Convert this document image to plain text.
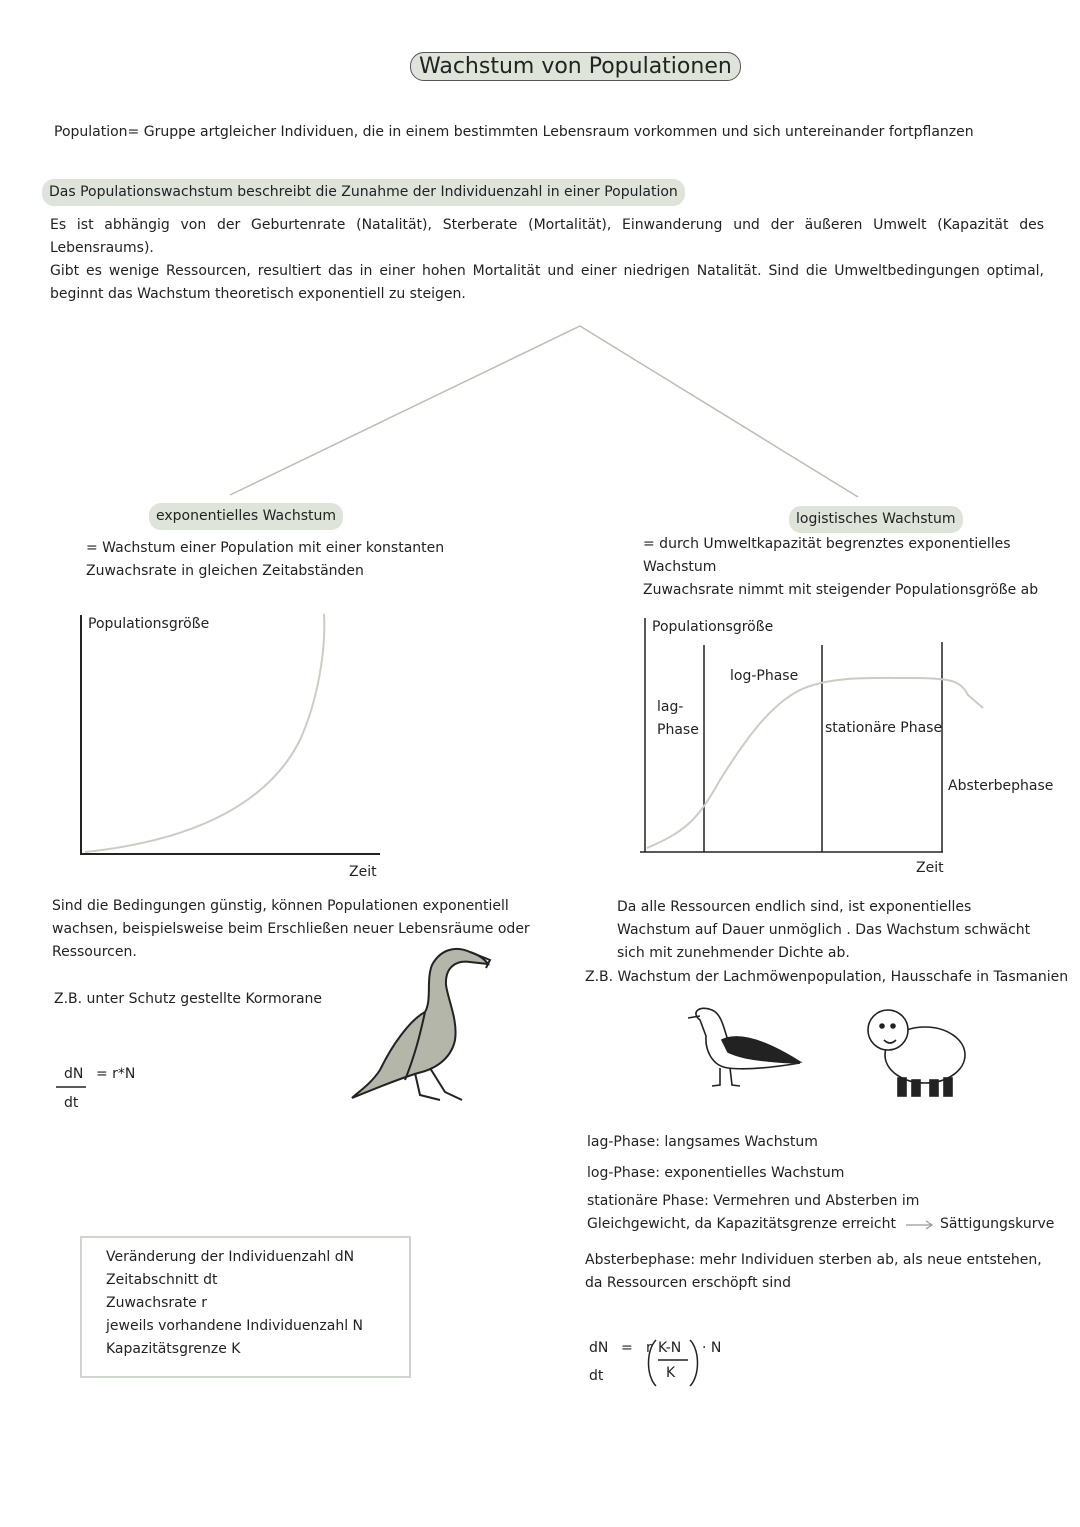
Wachstum von Populationen
Population= Gruppe artgleicher Individuen, die in einem bestimmten Lebensraum vorkommen und sich untereinander fortpflanzen
Das Populationswachstum beschreibt die Zunahme der Individuenzahl in einer Population
Es ist abhängig von der Geburtenrate (Natalität), Sterberate (Mortalität), Einwanderung und der äußeren Umwelt (Kapazität des
Lebensraums).
Gibt es wenige Ressourcen, resultiert das in einer hohen Mortalität und einer niedrigen Natalität. Sind die Umweltbedingungen optimal,
beginnt das Wachstum theoretisch exponentiell zu steigen.
exponentielles Wachstum
= Wachstum einer Population mit einer konstanten
Zuwachsrate in gleichen Zeitabständen
Populationsgröße
Zeit
Sind die Bedingungen günstig, können Populationen exponentiell
wachsen, beispielsweise beim Erschließen neuer Lebensräume oder
Ressourcen.
Z.B. unter Schutz gestellte Kormorane
dN
dt
= r*N
Veränderung der Individuenzahl dN
Zeitabschnitt dt
Zuwachsrate r
jeweils vorhandene Individuenzahl N
Kapazitätsgrenze K
logistisches Wachstum
= durch Umweltkapazität begrenztes exponentielles
Wachstum
Zuwachsrate nimmt mit steigender Populationsgröße ab
Populationsgröße
log-Phase
lag-
Phase	stationäre Phase
Absterbephase
Zeit
Da alle Ressourcen endlich sind, ist exponentielles
Wachstum auf Dauer unmöglich . Das Wachstum schwächt
sich mit zunehmender Dichte ab.
Z.B. Wachstum der Lachmöwenpopulation, Hausschafe in Tasmanien
lag-Phase: langsames Wachstum
log-Phase: exponentielles Wachstum
stationäre Phase: Vermehren und Absterben im
Gleichgewicht, da Kapazitätsgrenze erreicht	Sättigungskurve
Absterbephase: mehr Individuen sterben ab, als neue entstehen,
da Ressourcen erschöpft sind
dN
dt
= r K-N
K
· N
